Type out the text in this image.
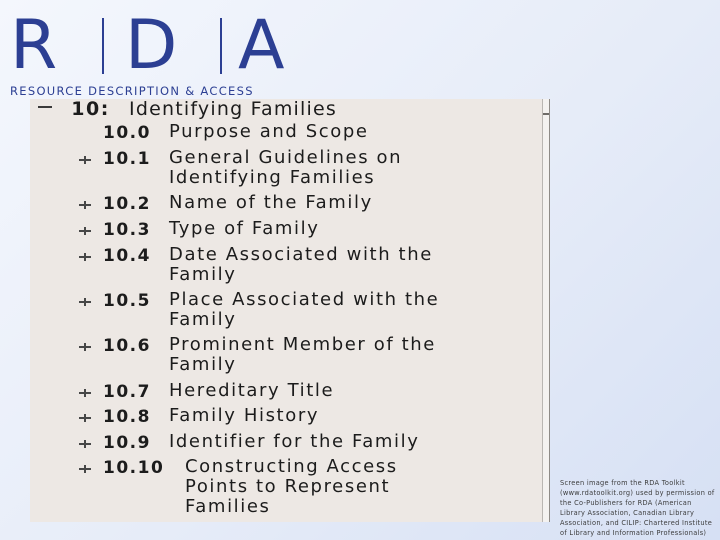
R D A
RESOURCE DESCRIPTION & ACCESS
10: Identifying Families
10.0 Purpose and Scope
10.1 General Guidelines on
Identifying Families
10.2 Name of the Family
10.3 Type of Family
10.4 Date Associated with the
Family
10.5 Place Associated with the
Family
10.6 Prominent Member of the
Family
10.7 Hereditary Title
10.8 Family History
10.9 Identifier for the Family
10.10 Constructing Access
Points to Represent
Families
Screen image from the RDA Toolkit (www.rdatoolkit.org) used by permission of the Co-Publishers for RDA (American Library Association, Canadian Library Association, and CILIP: Chartered Institute of Library and Information Professionals)
